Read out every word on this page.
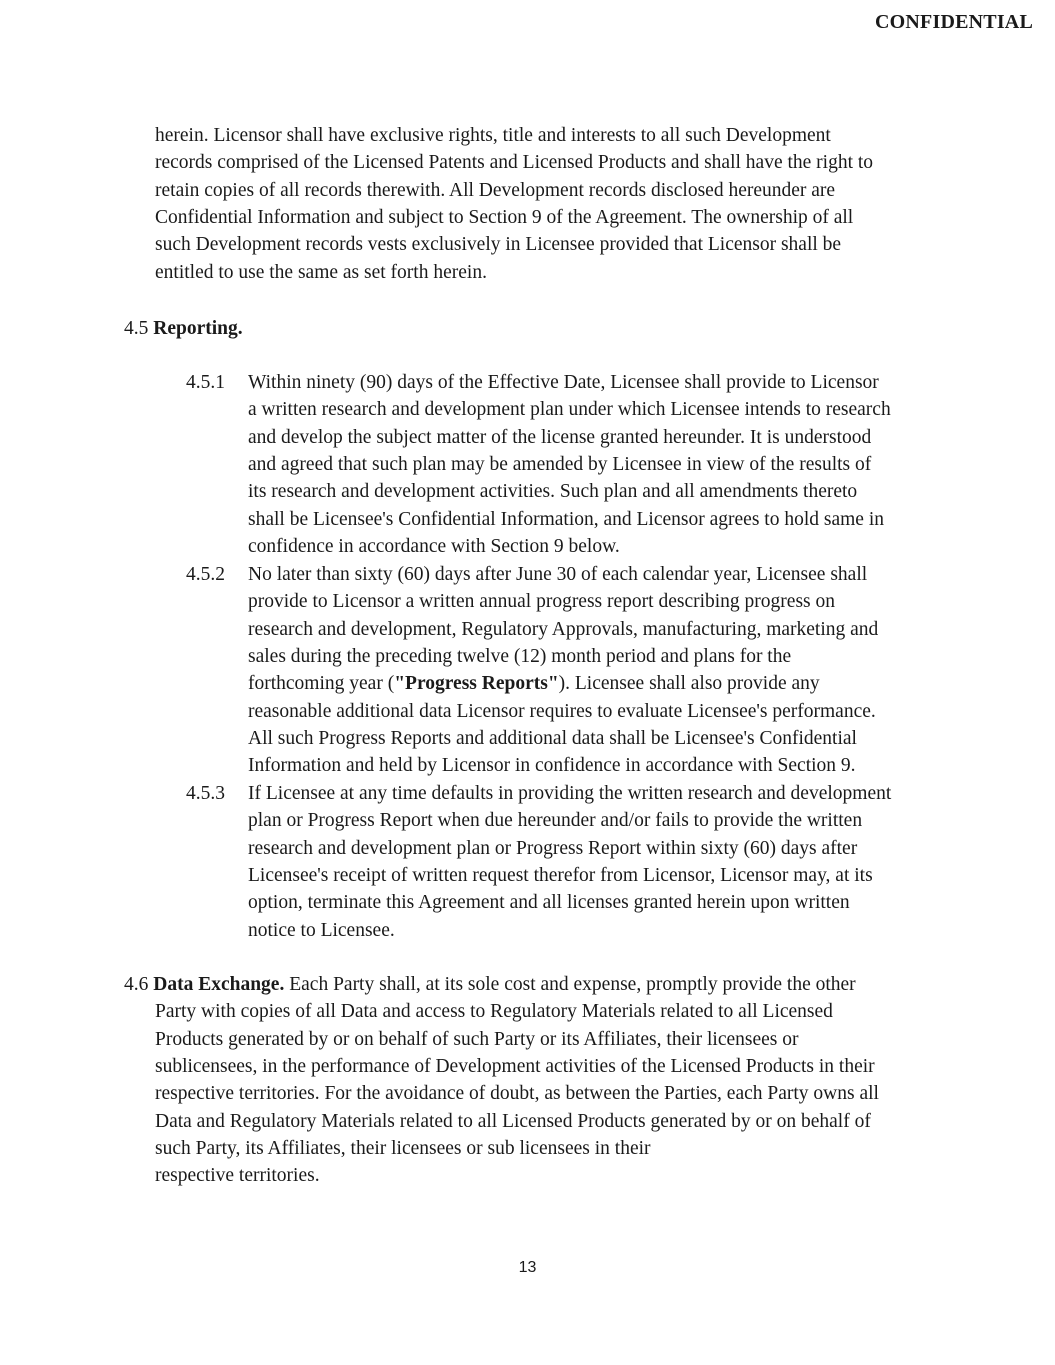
CONFIDENTIAL
herein. Licensor shall have exclusive rights, title and interests to all such Development
records comprised of the Licensed Patents and Licensed Products and shall have the right to
retain copies of all records therewith. All Development records disclosed hereunder are
Confidential Information and subject to Section 9 of the Agreement. The ownership of all
such Development records vests exclusively in Licensee provided that Licensor shall be
entitled to use the same as set forth herein.
4.5 Reporting.
4.5.1	Within ninety (90) days of the Effective Date, Licensee shall provide to Licensor
a written research and development plan under which Licensee intends to research
and develop the subject matter of the license granted hereunder. It is understood
and agreed that such plan may be amended by Licensee in view of the results of
its research and development activities. Such plan and all amendments thereto
shall be Licensee's Confidential Information, and Licensor agrees to hold same in
confidence in accordance with Section 9 below.
4.5.2	No later than sixty (60) days after June 30 of each calendar year, Licensee shall
provide to Licensor a written annual progress report describing progress on
research and development, Regulatory Approvals, manufacturing, marketing and
sales during the preceding twelve (12) month period and plans for the
forthcoming year ("Progress Reports"). Licensee shall also provide any
reasonable additional data Licensor requires to evaluate Licensee's performance.
All such Progress Reports and additional data shall be Licensee's Confidential
Information and held by Licensor in confidence in accordance with Section 9.
4.5.3	If Licensee at any time defaults in providing the written research and development
plan or Progress Report when due hereunder and/or fails to provide the written
research and development plan or Progress Report within sixty (60) days after
Licensee's receipt of written request therefor from Licensor, Licensor may, at its
option, terminate this Agreement and all licenses granted herein upon written
notice to Licensee.
4.6 Data Exchange. Each Party shall, at its sole cost and expense, promptly provide the other
Party with copies of all Data and access to Regulatory Materials related to all Licensed
Products generated by or on behalf of such Party or its Affiliates, their licensees or
sublicensees, in the performance of Development activities of the Licensed Products in their
respective territories. For the avoidance of doubt, as between the Parties, each Party owns all
Data and Regulatory Materials related to all Licensed Products generated by or on behalf of
such Party, its Affiliates, their licensees or sub licensees in their
respective territories.
13
